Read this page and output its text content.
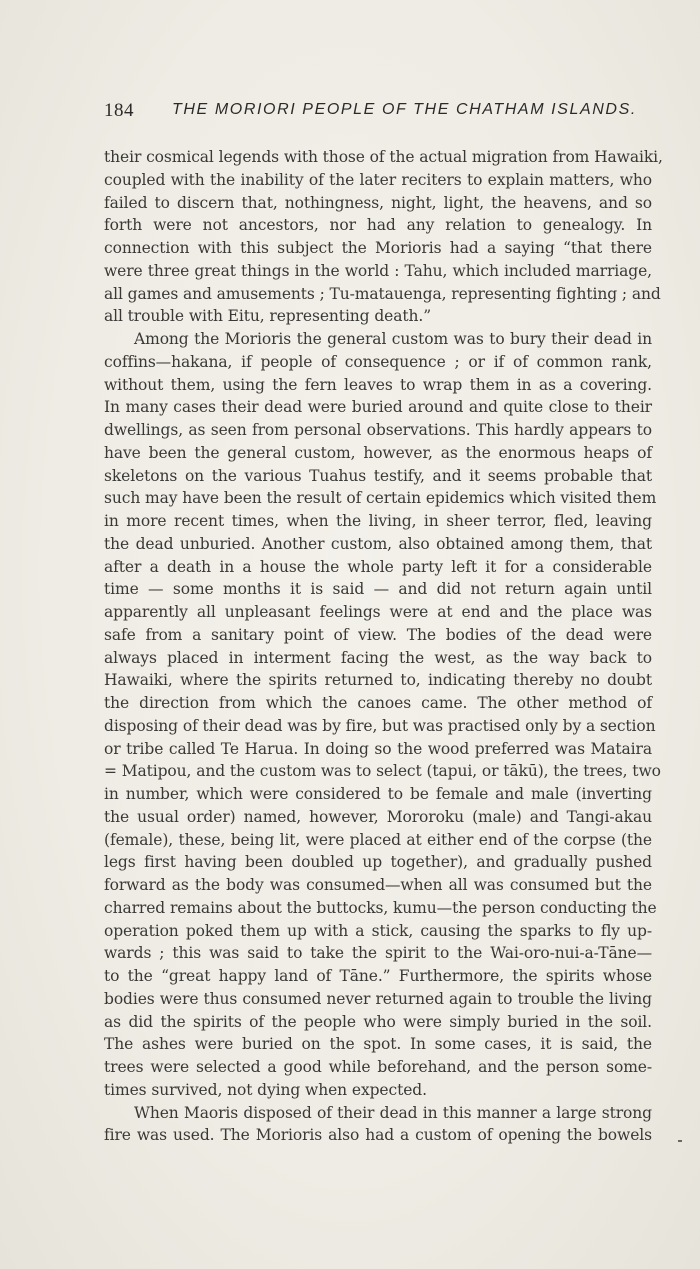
184 THE MORIORI PEOPLE OF THE CHATHAM ISLANDS.
their cosmical legends with those of the actual migration from Hawaiki,
coupled with the inability of the later reciters to explain matters, who
failed to discern that, nothingness, night, light, the heavens, and so
forth were not ancestors, nor had any relation to genealogy. In
connection with this subject the Morioris had a saying “that there
were three great things in the world : Tahu, which included marriage,
all games and amusements ; Tu-matauenga, representing fighting ; and
all trouble with Eitu, representing death.”
Among the Morioris the general custom was to bury their dead in
coffins—hakana, if people of consequence ; or if of common rank,
without them, using the fern leaves to wrap them in as a covering.
In many cases their dead were buried around and quite close to their
dwellings, as seen from personal observations. This hardly appears to
have been the general custom, however, as the enormous heaps of
skeletons on the various Tuahus testify, and it seems probable that
such may have been the result of certain epidemics which visited them
in more recent times, when the living, in sheer terror, fled, leaving
the dead unburied. Another custom, also obtained among them, that
after a death in a house the whole party left it for a considerable
time — some months it is said — and did not return again until
apparently all unpleasant feelings were at end and the place was
safe from a sanitary point of view. The bodies of the dead were
always placed in interment facing the west, as the way back to
Hawaiki, where the spirits returned to, indicating thereby no doubt
the direction from which the canoes came. The other method of
disposing of their dead was by fire, but was practised only by a section
or tribe called Te Harua. In doing so the wood preferred was Mataira
= Matipou, and the custom was to select (tapui, or tākū), the trees, two
in number, which were considered to be female and male (inverting
the usual order) named, however, Mororoku (male) and Tangi-akau
(female), these, being lit, were placed at either end of the corpse (the
legs first having been doubled up together), and gradually pushed
forward as the body was consumed—when all was consumed but the
charred remains about the buttocks, kumu—the person conducting the
operation poked them up with a stick, causing the sparks to fly up-
wards ; this was said to take the spirit to the Wai-oro-nui-a-Tāne—
to the “great happy land of Tāne.” Furthermore, the spirits whose
bodies were thus consumed never returned again to trouble the living
as did the spirits of the people who were simply buried in the soil.
The ashes were buried on the spot. In some cases, it is said, the
trees were selected a good while beforehand, and the person some-
times survived, not dying when expected.
When Maoris disposed of their dead in this manner a large strong
fire was used. The Morioris also had a custom of opening the bowels
